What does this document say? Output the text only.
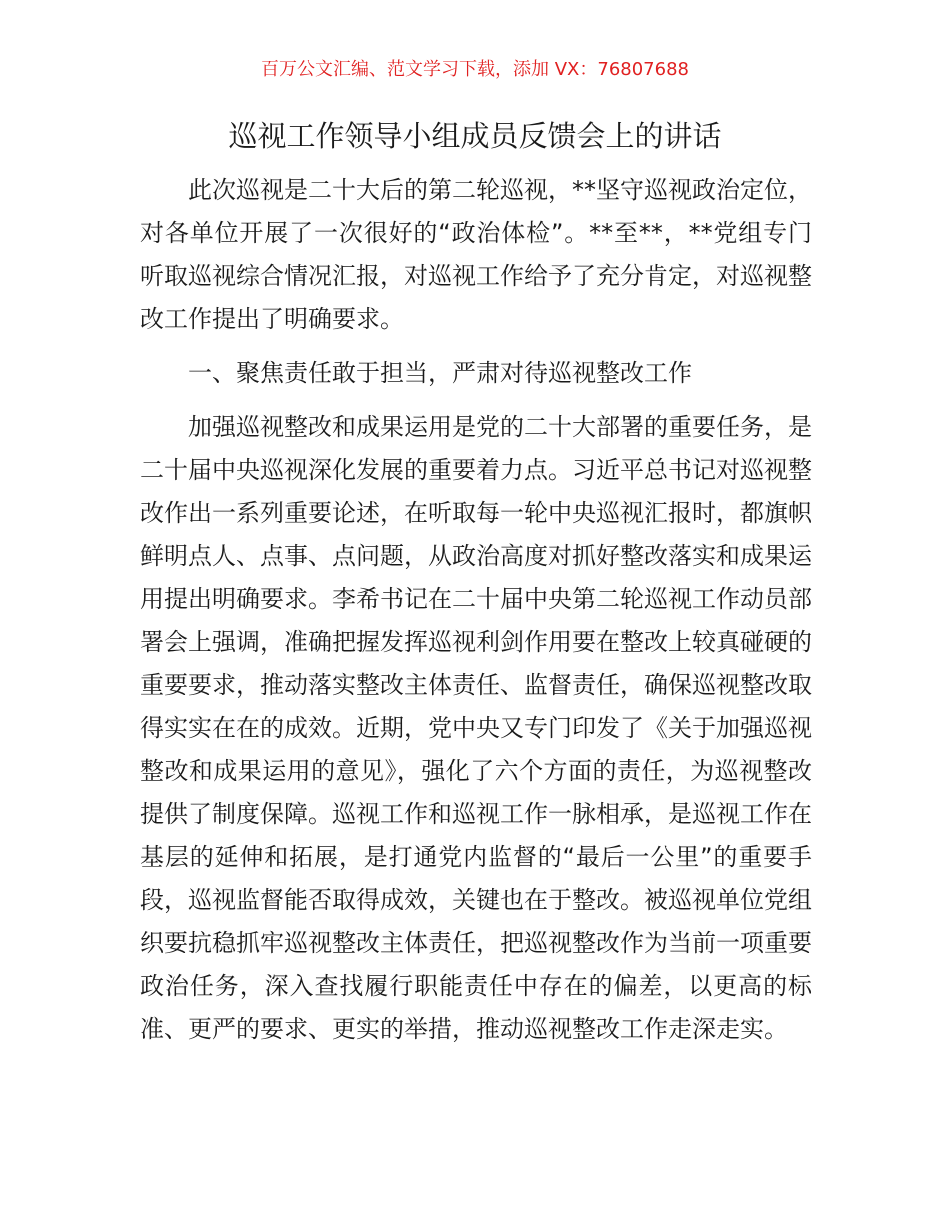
百万公文汇编、范文学习下载，添加 VX：76807688
巡视工作领导小组成员反馈会上的讲话

此次巡视是二十大后的第二轮巡视，**坚守巡视政治定位，对各单位开展了一次很好的“政治体检”。**至**，**党组专门听取巡视综合情况汇报，对巡视工作给予了充分肯定，对巡视整改工作提出了明确要求。

一、聚焦责任敢于担当，严肃对待巡视整改工作

加强巡视整改和成果运用是党的二十大部署的重要任务，是二十届中央巡视深化发展的重要着力点。习近平总书记对巡视整改作出一系列重要论述，在听取每一轮中央巡视汇报时，都旗帜鲜明点人、点事、点问题，从政治高度对抓好整改落实和成果运用提出明确要求。李希书记在二十届中央第二轮巡视工作动员部署会上强调，准确把握发挥巡视利剑作用要在整改上较真碰硬的重要要求，推动落实整改主体责任、监督责任，确保巡视整改取得实实在在的成效。近期，党中央又专门印发了《关于加强巡视整改和成果运用的意见》，强化了六个方面的责任，为巡视整改提供了制度保障。巡视工作和巡视工作一脉相承，是巡视工作在基层的延伸和拓展，是打通党内监督的“最后一公里”的重要手段，巡视监督能否取得成效，关键也在于整改。被巡视单位党组织要抗稳抓牢巡视整改主体责任，把巡视整改作为当前一项重要政治任务，深入查找履行职能责任中存在的偏差，以更高的标准、更严的要求、更实的举措，推动巡视整改工作走深走实。
